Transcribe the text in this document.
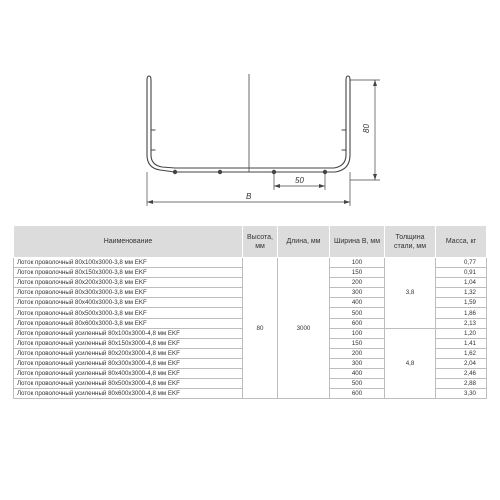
80
50
B
Наименование	Высота, мм	Длина, мм	Ширина B, мм	Толщина стали, мм	Масса, кг
Лоток проволочный 80x100x3000-3,8 мм EKF	80	3000	100	3,8	0,77
Лоток проволочный 80x150x3000-3,8 мм EKF			150		0,91
Лоток проволочный 80x200x3000-3,8 мм EKF			200		1,04
Лоток проволочный 80x300x3000-3,8 мм EKF			300		1,32
Лоток проволочный 80x400x3000-3,8 мм EKF			400		1,59
Лоток проволочный 80x500x3000-3,8 мм EKF			500		1,86
Лоток проволочный 80x600x3000-3,8 мм EKF			600		2,13
Лоток проволочный усиленный 80x100x3000-4,8 мм EKF			100	4,8	1,20
Лоток проволочный усиленный 80x150x3000-4,8 мм EKF			150		1,41
Лоток проволочный усиленный 80x200x3000-4,8 мм EKF			200		1,62
Лоток проволочный усиленный 80x300x3000-4,8 мм EKF			300		2,04
Лоток проволочный усиленный 80x400x3000-4,8 мм EKF			400		2,46
Лоток проволочный усиленный 80x500x3000-4,8 мм EKF			500		2,88
Лоток проволочный усиленный 80x600x3000-4,8 мм EKF			600		3,30
